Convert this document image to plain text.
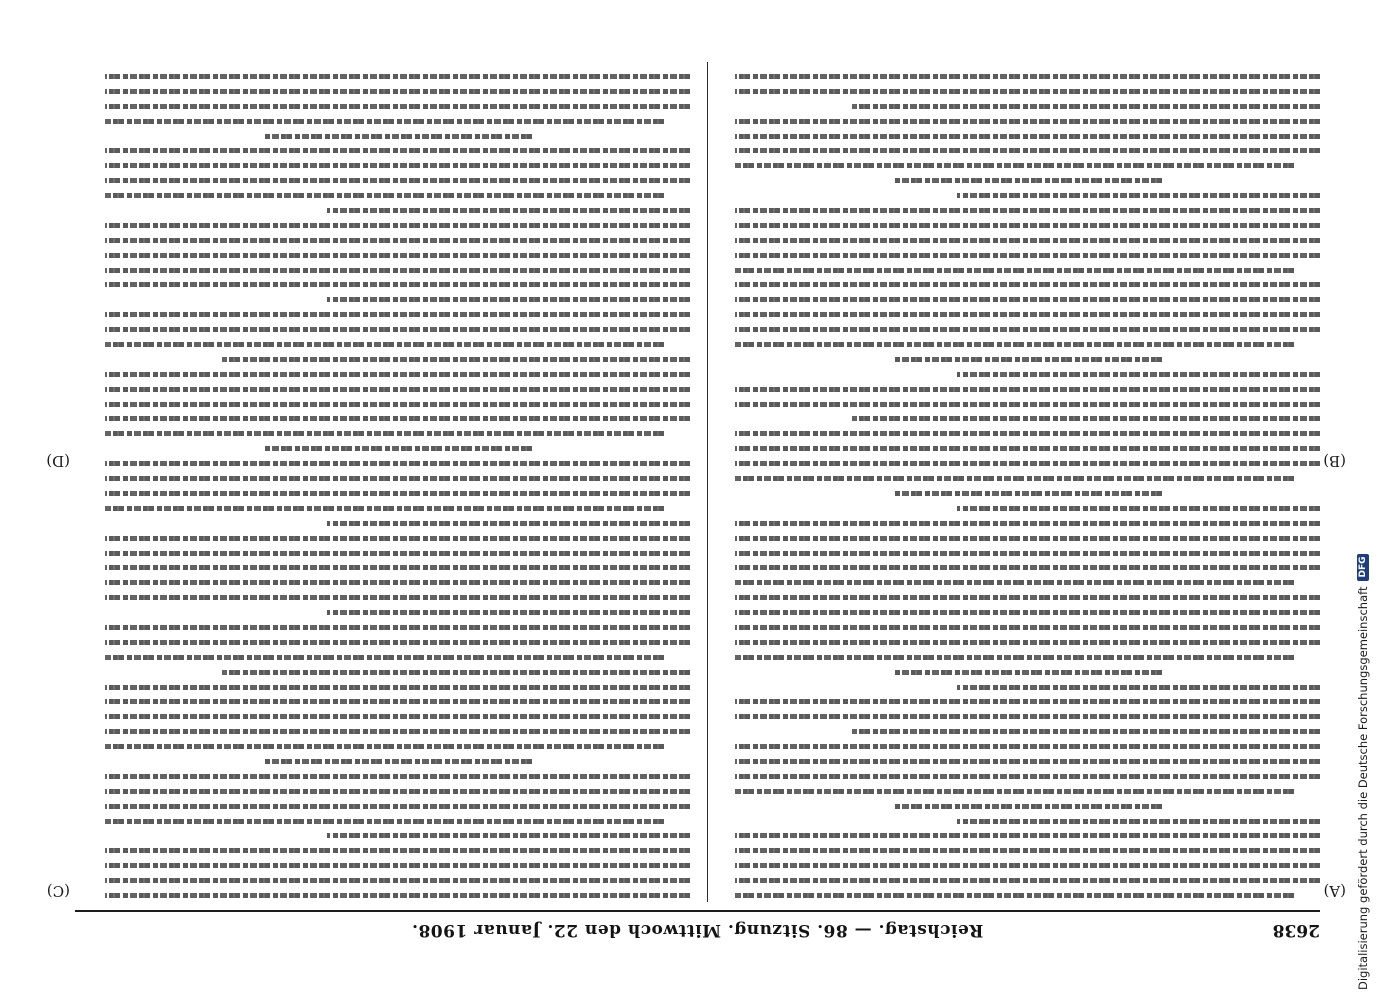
2638
Reichstag. — 86. Sitzung. Mittwoch den 22. Januar 1908.
(A)
(B)
(C)
(D)
Digitalisierung gefördert durch die Deutsche Forschungsgemeinschaft
DFG
